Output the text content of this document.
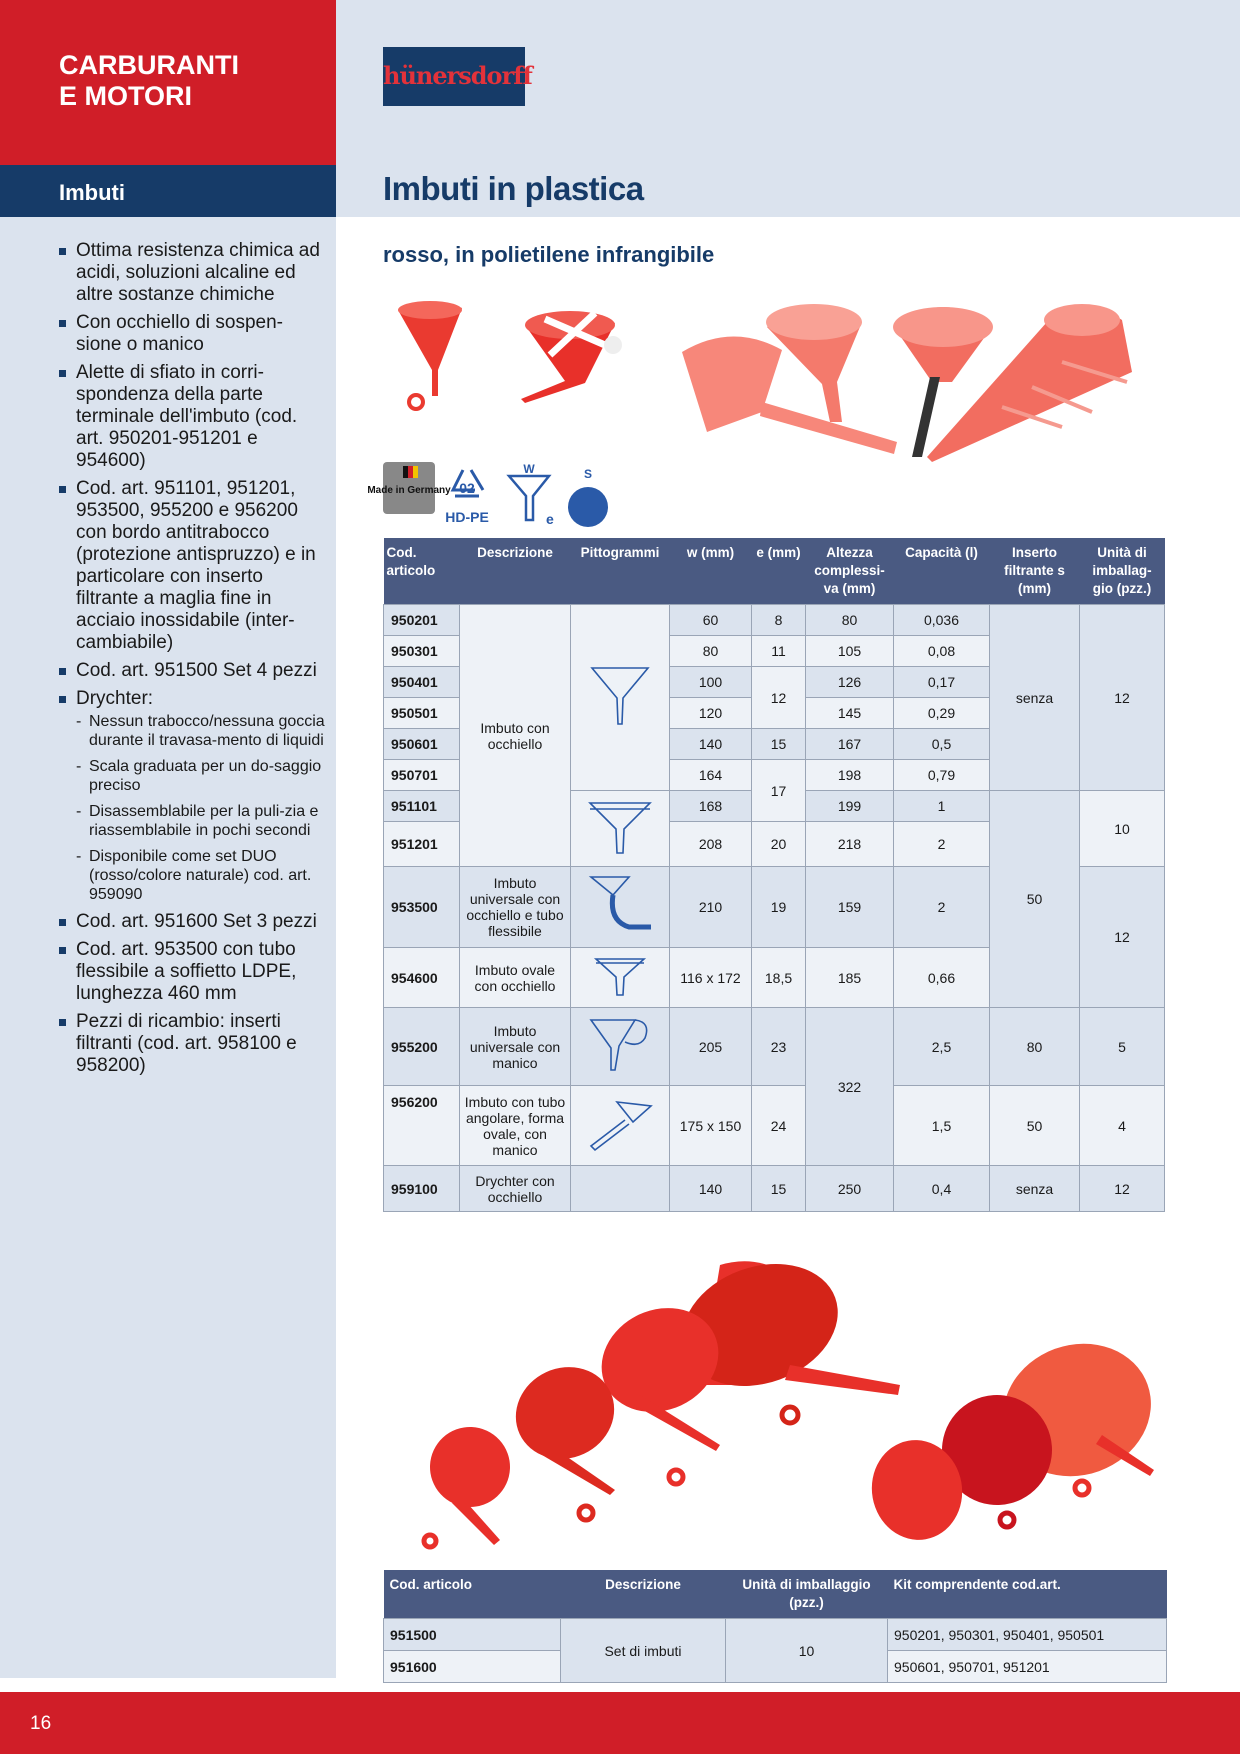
CARBURANTI
E MOTORI
Imbuti
Ottima resistenza chimica ad acidi, soluzioni alcaline ed altre sostanze chimiche
Con occhiello di sospen-sione o manico
Alette di sfiato in corri-spondenza della parte terminale dell'imbuto (cod. art. 950201-951201 e 954600)
Cod. art. 951101, 951201, 953500, 955200 e 956200 con bordo antitrabocco (protezione antispruzzo) e in particolare con inserto filtrante a maglia fine in acciaio inossidabile (inter-cambiabile)
Cod. art. 951500 Set 4 pezzi
Drychter:
- Nessun trabocco/nessuna goccia durante il travasa-mento di liquidi
- Scala graduata per un do-saggio preciso
- Disassemblabile per la puli-zia e riassemblabile in pochi secondi
- Disponibile come set DUO (rosso/colore naturale) cod. art. 959090
Cod. art. 951600 Set 3 pezzi
Cod. art. 953500 con tubo flessibile a soffietto LDPE, lunghezza 460 mm
Pezzi di ricambio: inserti filtranti (cod. art. 958100 e 958200)
hünersdorff
Imbuti in plastica
rosso, in polietilene infrangibile
Made in Germany 02
HD-PE
W
e
S
Cod. articolo	Descrizione	Pittogrammi	w (mm)	e (mm)	Altezza complessi-va (mm)	Capacità (l)	Inserto filtrante s (mm)	Unità di imballag-gio (pzz.)
950201	Imbuto con occhiello		60	8	80	0,036	senza	12
950301			80	11	105	0,08		
950401			100	12	126	0,17		
950501			120		145	0,29		
950601			140	15	167	0,5		
950701			164	17	198	0,79		
951101			168		199	1	50	10
951201			208	20	218	2		
953500	Imbuto universale con occhiello e tubo flessibile		210	19	159	2		12
954600	Imbuto ovale con occhiello		116 x 172	18,5	185	0,66		
955200	Imbuto universale con manico		205	23	322	2,5	80	5
956200	Imbuto con tubo angolare, forma ovale, con manico		175 x 150	24		1,5	50	4
959100	Drychter con occhiello		140	15	250	0,4	senza	12
Cod. articolo	Descrizione	Unità di imballaggio (pzz.)	Kit comprendente cod.art.
951500	Set di imbuti	10	950201, 950301, 950401, 950501
951600			950601, 950701, 951201
16
